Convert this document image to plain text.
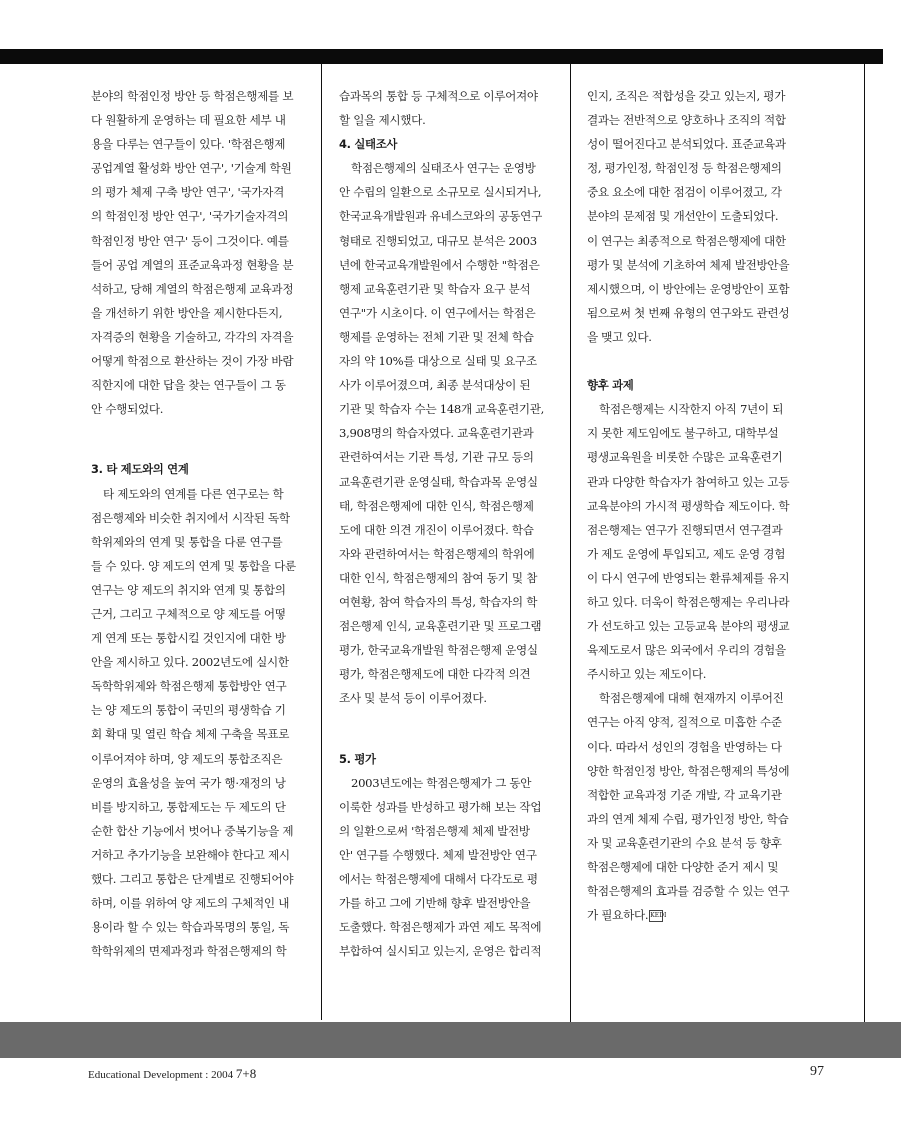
분야의 학점인정 방안 등 학점은행제를 보

다 원활하게 운영하는 데 필요한 세부 내

용을 다루는 연구들이 있다. '학점은행제

공업계열 활성화 방안 연구', '기술계 학원

의 평가 체제 구축 방안 연구', '국가자격

의 학점인정 방안 연구', '국가기술자격의

학점인정 방안 연구' 등이 그것이다. 예를

들어 공업 계열의 표준교육과정 현황을 분

석하고, 당해 계열의 학점은행제 교육과정

을 개선하기 위한 방안을 제시한다든지,

자격증의 현황을 기술하고, 각각의 자격을

어떻게 학점으로 환산하는 것이 가장 바람

직한지에 대한 답을 찾는 연구들이 그 동

안 수행되었다.

3. 타 제도와의 연계

타 제도와의 연계를 다른 연구로는 학

점은행제와 비슷한 취지에서 시작된 독학

학위제와의 연계 및 통합을 다룬 연구를

들 수 있다. 양 제도의 연계 및 통합을 다룬

연구는 양 제도의 취지와 연계 및 통합의

근거, 그리고 구체적으로 양 제도를 어떻

게 연계 또는 통합시킬 것인지에 대한 방

안을 제시하고 있다. 2002년도에 실시한

독학학위제와 학점은행제 통합방안 연구

는 양 제도의 통합이 국민의 평생학습 기

회 확대 및 열린 학습 체제 구축을 목표로

이루어져야 하며, 양 제도의 통합조직은

운영의 효율성을 높여 국가 행·재정의 낭

비를 방지하고, 통합제도는 두 제도의 단

순한 합산 기능에서 벗어나 중복기능을 제

거하고 추가기능을 보완해야 한다고 제시

했다. 그리고 통합은 단계별로 진행되어야

하며, 이를 위하여 양 제도의 구체적인 내

용이라 할 수 있는 학습과목명의 통일, 독

학학위제의 면제과정과 학점은행제의 학

습과목의 통합 등 구체적으로 이루어져야

할 일을 제시했다.

4. 실태조사

학점은행제의 실태조사 연구는 운영방

안 수립의 일환으로 소규모로 실시되거나,

한국교육개발원과 유네스코와의 공동연구

형태로 진행되었고, 대규모 분석은 2003

년에 한국교육개발원에서 수행한 "학점은

행제 교육훈련기관 및 학습자 요구 분석

연구"가 시초이다. 이 연구에서는 학점은

행제를 운영하는 전체 기관 및 전체 학습

자의 약 10%를 대상으로 실태 및 요구조

사가 이루어졌으며, 최종 분석대상이 된

기관 및 학습자 수는 148개 교육훈련기관,

3,908명의 학습자였다. 교육훈련기관과

관련하여서는 기관 특성, 기관 규모 등의

교육훈련기관 운영실태, 학습과목 운영실

태, 학점은행제에 대한 인식, 학점은행제

도에 대한 의견 개진이 이루어졌다. 학습

자와 관련하여서는 학점은행제의 학위에

대한 인식, 학점은행제의 참여 동기 및 참

여현황, 참여 학습자의 특성, 학습자의 학

점은행제 인식, 교육훈련기관 및 프로그램

평가, 한국교육개발원 학점은행제 운영실

평가, 학점은행제도에 대한 다각적 의견

조사 및 분석 등이 이루어졌다.

5. 평가

2003년도에는 학점은행제가 그 동안

이룩한 성과를 반성하고 평가해 보는 작업

의 일환으로써 '학점은행제 체제 발전방

안' 연구를 수행했다. 체제 발전방안 연구

에서는 학점은행제에 대해서 다각도로 평

가를 하고 그에 기반해 향후 발전방안을

도출했다. 학점은행제가 과연 제도 목적에

부합하여 실시되고 있는지, 운영은 합리적

인지, 조직은 적합성을 갖고 있는지, 평가

결과는 전반적으로 양호하나 조직의 적합

성이 떨어진다고 분석되었다. 표준교육과

정, 평가인정, 학점인정 등 학점은행제의

중요 요소에 대한 점검이 이루어졌고, 각

분야의 문제점 및 개선안이 도출되었다.

이 연구는 최종적으로 학점은행제에 대한

평가 및 분석에 기초하여 체제 발전방안을

제시했으며, 이 방안에는 운영방안이 포함

됨으로써 첫 번째 유형의 연구와도 관련성

을 맺고 있다.

향후 과제

학점은행제는 시작한지 아직 7년이 되

지 못한 제도임에도 불구하고, 대학부설

평생교육원을 비롯한 수많은 교육훈련기

관과 다양한 학습자가 참여하고 있는 고등

교육분야의 가시적 평생학습 제도이다. 학

점은행제는 연구가 진행되면서 연구결과

가 제도 운영에 투입되고, 제도 운영 경험

이 다시 연구에 반영되는 환류체제를 유지

하고 있다. 더욱이 학점은행제는 우리나라

가 선도하고 있는 고등교육 분야의 평생교

육제도로서 많은 외국에서 우리의 경험을

주시하고 있는 제도이다.

학점은행제에 대해 현재까지 이루어진

연구는 아직 양적, 질적으로 미흡한 수준

이다. 따라서 성인의 경험을 반영하는 다

양한 학점인정 방안, 학점은행제의 특성에

적합한 교육과정 기준 개발, 각 교육기관

과의 연계 체제 수립, 평가인정 방안, 학습

자 및 교육훈련기관의 수요 분석 등 향후

학점은행제에 대한 다양한 준거 제시 및

학점은행제의 효과를 검증할 수 있는 연구

가 필요하다. KEDI

Educational Development : 2004 7+8	97
